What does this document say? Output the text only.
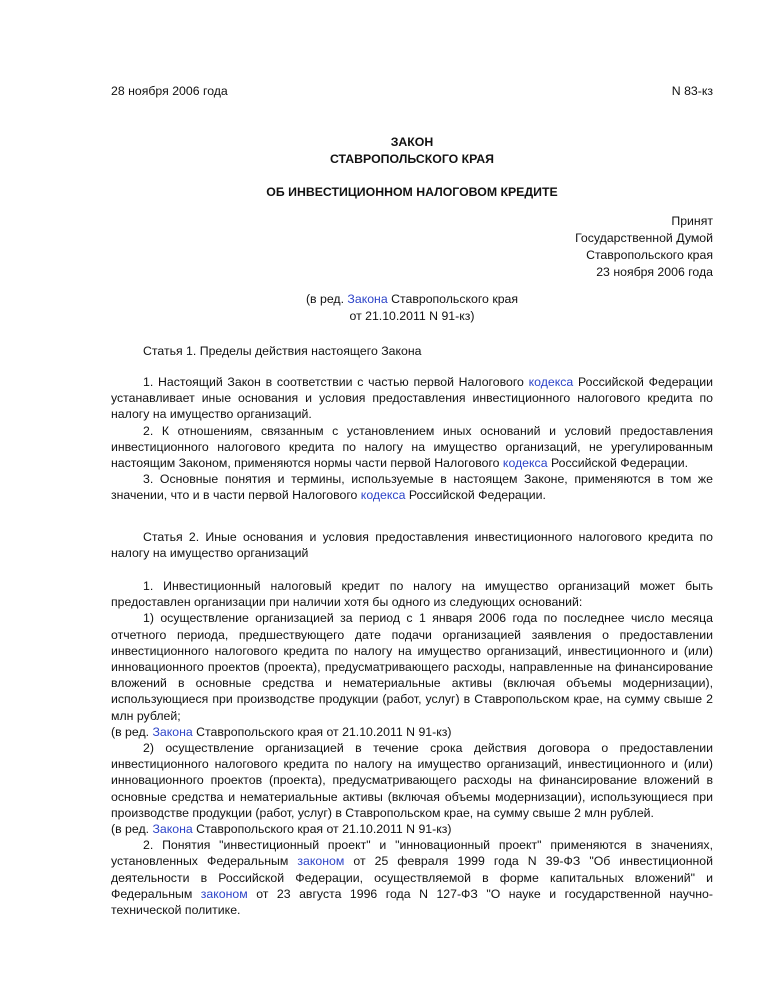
28 ноября 2006 года	N 83-кз
ЗАКОН
СТАВРОПОЛЬСКОГО КРАЯ
ОБ ИНВЕСТИЦИОННОМ НАЛОГОВОМ КРЕДИТЕ
Принят
Государственной Думой
Ставропольского края
23 ноября 2006 года
(в ред. Закона Ставропольского края
от 21.10.2011 N 91-кз)
Статья 1. Пределы действия настоящего Закона

1. Настоящий Закон в соответствии с частью первой Налогового кодекса Российской Федерации устанавливает иные основания и условия предоставления инвестиционного налогового кредита по налогу на имущество организаций.

2. К отношениям, связанным с установлением иных оснований и условий предоставления инвестиционного налогового кредита по налогу на имущество организаций, не урегулированным настоящим Законом, применяются нормы части первой Налогового кодекса Российской Федерации.

3. Основные понятия и термины, используемые в настоящем Законе, применяются в том же значении, что и в части первой Налогового кодекса Российской Федерации.

Статья 2. Иные основания и условия предоставления инвестиционного налогового кредита по налогу на имущество организаций

1. Инвестиционный налоговый кредит по налогу на имущество организаций может быть предоставлен организации при наличии хотя бы одного из следующих оснований:

1) осуществление организацией за период с 1 января 2006 года по последнее число месяца отчетного периода, предшествующего дате подачи организацией заявления о предоставлении инвестиционного налогового кредита по налогу на имущество организаций, инвестиционного и (или) инновационного проектов (проекта), предусматривающего расходы, направленные на финансирование вложений в основные средства и нематериальные активы (включая объемы модернизации), использующиеся при производстве продукции (работ, услуг) в Ставропольском крае, на сумму свыше 2 млн рублей;

(в ред. Закона Ставропольского края от 21.10.2011 N 91-кз)

2) осуществление организацией в течение срока действия договора о предоставлении инвестиционного налогового кредита по налогу на имущество организаций, инвестиционного и (или) инновационного проектов (проекта), предусматривающего расходы на финансирование вложений в основные средства и нематериальные активы (включая объемы модернизации), использующиеся при производстве продукции (работ, услуг) в Ставропольском крае, на сумму свыше 2 млн рублей.

(в ред. Закона Ставропольского края от 21.10.2011 N 91-кз)

2. Понятия "инвестиционный проект" и "инновационный проект" применяются в значениях, установленных Федеральным законом от 25 февраля 1999 года N 39-ФЗ "Об инвестиционной деятельности в Российской Федерации, осуществляемой в форме капитальных вложений" и Федеральным законом от 23 августа 1996 года N 127-ФЗ "О науке и государственной научно-технической политике.
